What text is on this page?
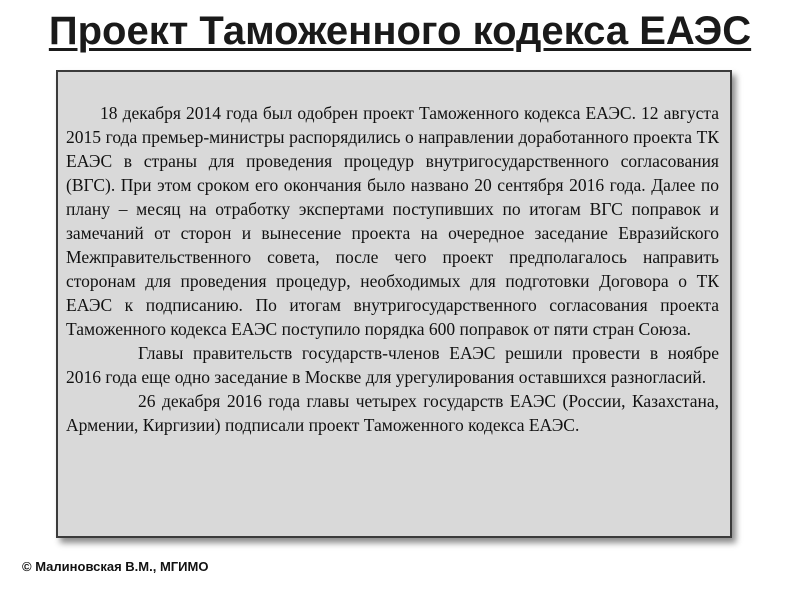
Проект Таможенного кодекса ЕАЭС

18 декабря 2014 года был одобрен проект Таможенного кодекса ЕАЭС. 12 августа 2015 года премьер-министры распорядились о направлении доработанного проекта ТК ЕАЭС в страны для проведения процедур внутригосударственного согласования (ВГС). При этом сроком его окончания было названо 20 сентября 2016 года. Далее по плану – месяц на отработку экспертами поступивших по итогам ВГС поправок и замечаний от сторон и вынесение проекта на очередное заседание Евразийского Межправительственного совета, после чего проект предполагалось направить сторонам для проведения процедур, необходимых для подготовки Договора о ТК ЕАЭС к подписанию. По итогам внутригосударственного согласования проекта Таможенного кодекса ЕАЭС поступило порядка 600 поправок от пяти стран Союза.

Главы правительств государств-членов ЕАЭС решили провести в ноябре 2016 года еще одно заседание в Москве для урегулирования оставшихся разногласий.

26 декабря 2016 года главы четырех государств ЕАЭС (России, Казахстана, Армении, Киргизии) подписали проект Таможенного кодекса ЕАЭС.

© Малиновская В.М., МГИМО
